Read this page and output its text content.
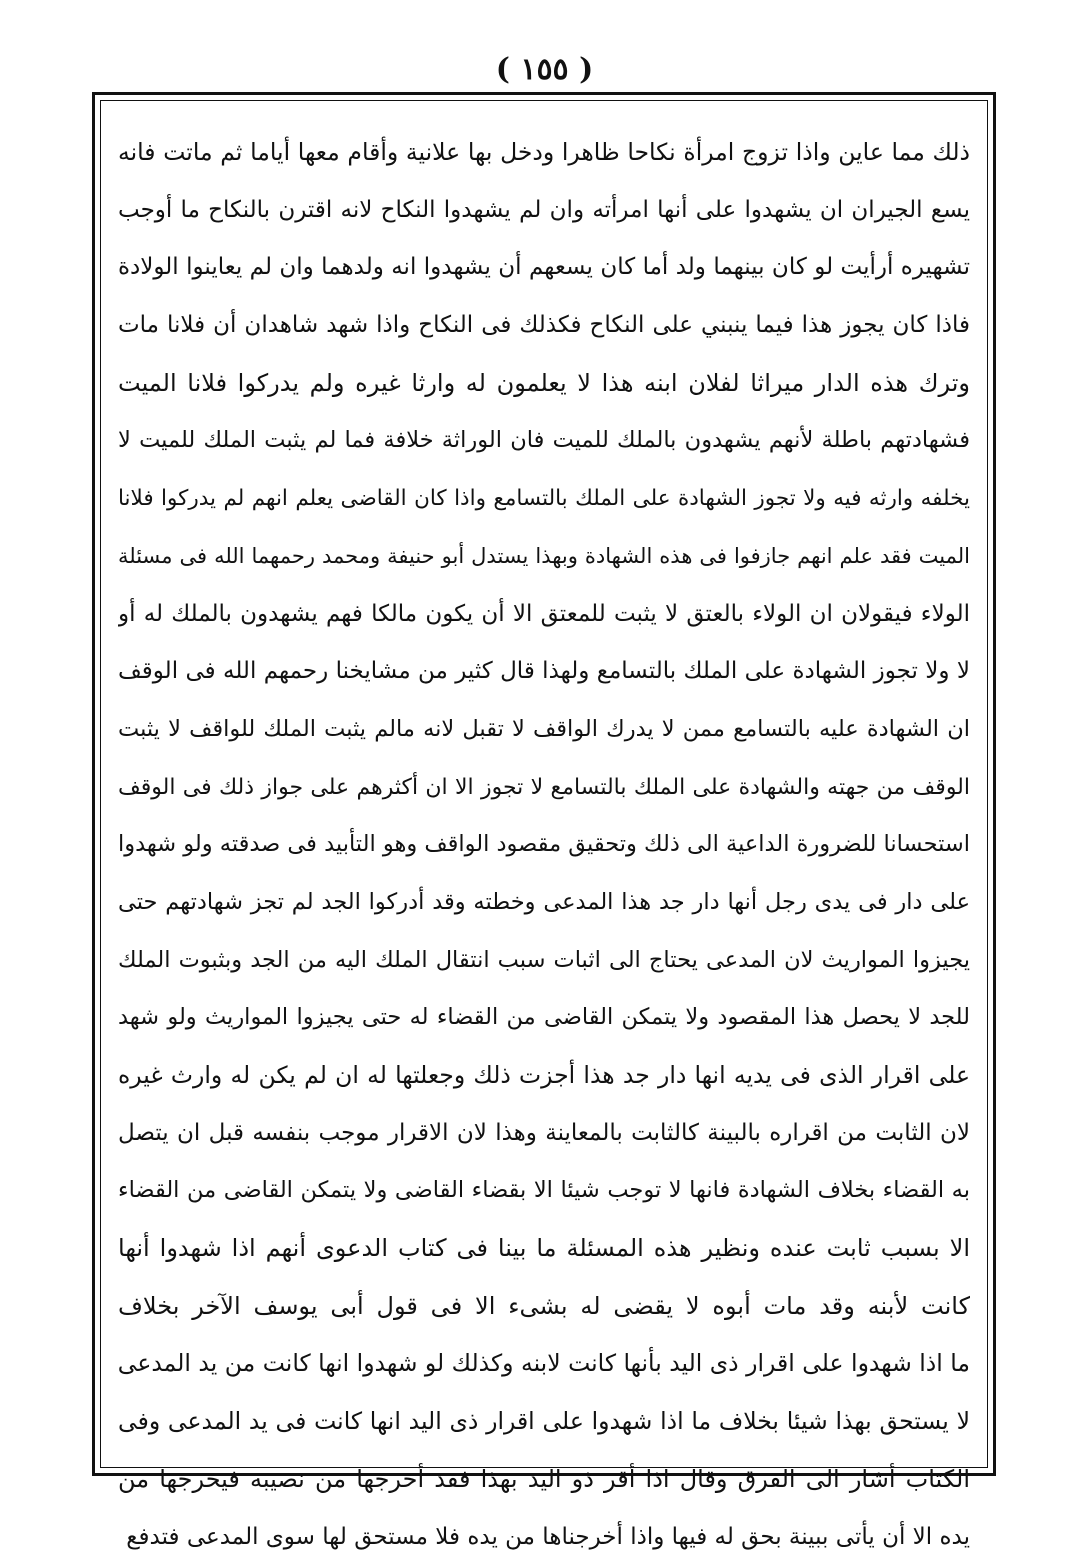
( ١٥٥ )
ذلك مما عاين واذا تزوج امرأة نكاحا ظاهرا ودخل بها علانية وأقام معها أياما ثم ماتت فانه
يسع الجيران ان يشهدوا على أنها امرأته وان لم يشهدوا النكاح لانه اقترن بالنكاح ما أوجب
تشهيره أرأيت لو كان بينهما ولد أما كان يسعهم أن يشهدوا انه ولدهما وان لم يعاينوا الولادة
فاذا كان يجوز هذا فيما ينبني على النكاح فكذلك فى النكاح واذا شهد شاهدان أن فلانا مات
وترك هذه الدار ميراثا لفلان ابنه هذا لا يعلمون له وارثا غيره ولم يدركوا فلانا الميت
فشهادتهم باطلة لأنهم يشهدون بالملك للميت فان الوراثة خلافة فما لم يثبت الملك للميت لا
يخلفه وارثه فيه ولا تجوز الشهادة على الملك بالتسامع واذا كان القاضى يعلم انهم لم يدركوا فلانا
الميت فقد علم انهم جازفوا فى هذه الشهادة وبهذا يستدل أبو حنيفة ومحمد رحمهما الله فى مسئلة
الولاء فيقولان ان الولاء بالعتق لا يثبت للمعتق الا أن يكون مالكا فهم يشهدون بالملك له أو
لا ولا تجوز الشهادة على الملك بالتسامع ولهذا قال كثير من مشايخنا رحمهم الله فى الوقف
ان الشهادة عليه بالتسامع ممن لا يدرك الواقف لا تقبل لانه مالم يثبت الملك للواقف لا يثبت
الوقف من جهته والشهادة على الملك بالتسامع لا تجوز الا ان أكثرهم على جواز ذلك فى الوقف
استحسانا للضرورة الداعية الى ذلك وتحقيق مقصود الواقف وهو التأبيد فى صدقته ولو شهدوا
على دار فى يدى رجل أنها دار جد هذا المدعى وخطته وقد أدركوا الجد لم تجز شهادتهم حتى
يجيزوا المواريث لان المدعى يحتاج الى اثبات سبب انتقال الملك اليه من الجد وبثبوت الملك
للجد لا يحصل هذا المقصود ولا يتمكن القاضى من القضاء له حتى يجيزوا المواريث ولو شهد
على اقرار الذى فى يديه انها دار جد هذا أجزت ذلك وجعلتها له ان لم يكن له وارث غيره
لان الثابت من اقراره بالبينة كالثابت بالمعاينة وهذا لان الاقرار موجب بنفسه قبل ان يتصل
به القضاء بخلاف الشهادة فانها لا توجب شيئا الا بقضاء القاضى ولا يتمكن القاضى من القضاء
الا بسبب ثابت عنده ونظير هذه المسئلة ما بينا فى كتاب الدعوى أنهم اذا شهدوا أنها
كانت لأبنه وقد مات أبوه لا يقضى له بشىء الا فى قول أبى يوسف الآخر بخلاف
ما اذا شهدوا على اقرار ذى اليد بأنها كانت لابنه وكذلك لو شهدوا انها كانت من يد المدعى
لا يستحق بهذا شيئا بخلاف ما اذا شهدوا على اقرار ذى اليد انها كانت فى يد المدعى وفى
الكتاب أشار الى الفرق وقال اذا أقر ذو اليد بهذا فقد أخرجها من نصيبه فيخرجها من
يده الا أن يأتى ببينة بحق له فيها واذا أخرجناها من يده فلا مستحق لها سوى المدعى فتدفع
